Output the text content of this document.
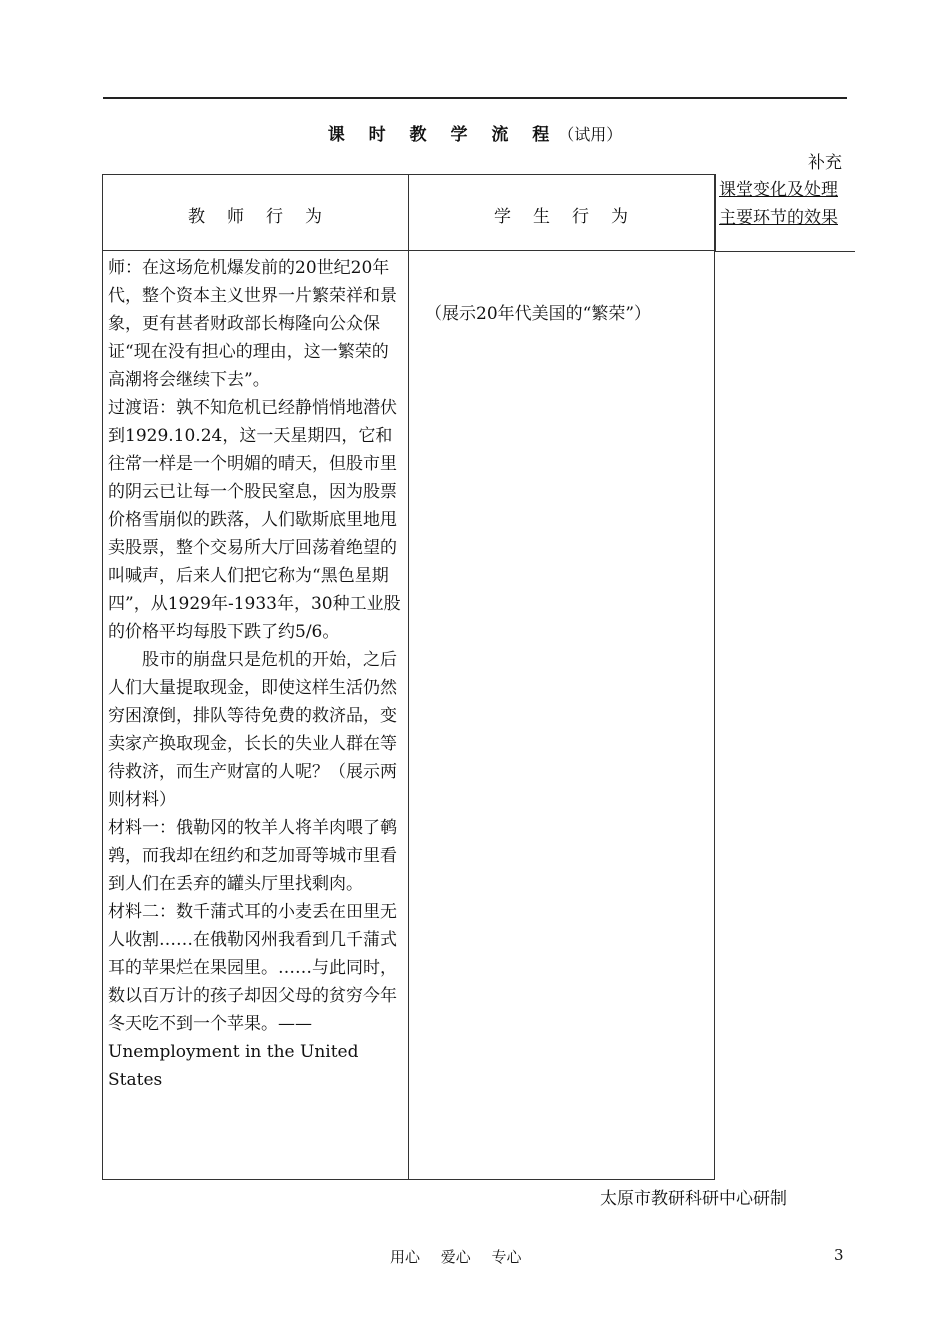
课 时 教 学 流 程（试用）
补充
教师行为	学生行为
课堂变化及处理
主要环节的效果

师：在这场危机爆发前的20世纪20年代，整个资本主义世界一片繁荣祥和景象，更有甚者财政部长梅隆向公众保证“现在没有担心的理由，这一繁荣的高潮将会继续下去”。

过渡语：孰不知危机已经静悄悄地潜伏到1929.10.24，这一天星期四，它和往常一样是一个明媚的晴天，但股市里的阴云已让每一个股民窒息，因为股票价格雪崩似的跌落，人们歇斯底里地甩卖股票，整个交易所大厅回荡着绝望的叫喊声，后来人们把它称为“黑色星期四”，从1929年-1933年，30种工业股的价格平均每股下跌了约5/6。

股市的崩盘只是危机的开始，之后人们大量提取现金，即使这样生活仍然穷困潦倒，排队等待免费的救济品，变卖家产换取现金，长长的失业人群在等待救济，而生产财富的人呢？（展示两则材料）

材料一：俄勒冈的牧羊人将羊肉喂了鹌鹑，而我却在纽约和芝加哥等城市里看到人们在丢弃的罐头厅里找剩肉。

材料二：数千蒲式耳的小麦丢在田里无人收割……在俄勒冈州我看到几千蒲式耳的苹果烂在果园里。……与此同时，数以百万计的孩子却因父母的贫穷今年冬天吃不到一个苹果。——Unemployment in the United States

（展示20年代美国的“繁荣”）
太原市教研科研中心研制
用心 爱心 专心	3
